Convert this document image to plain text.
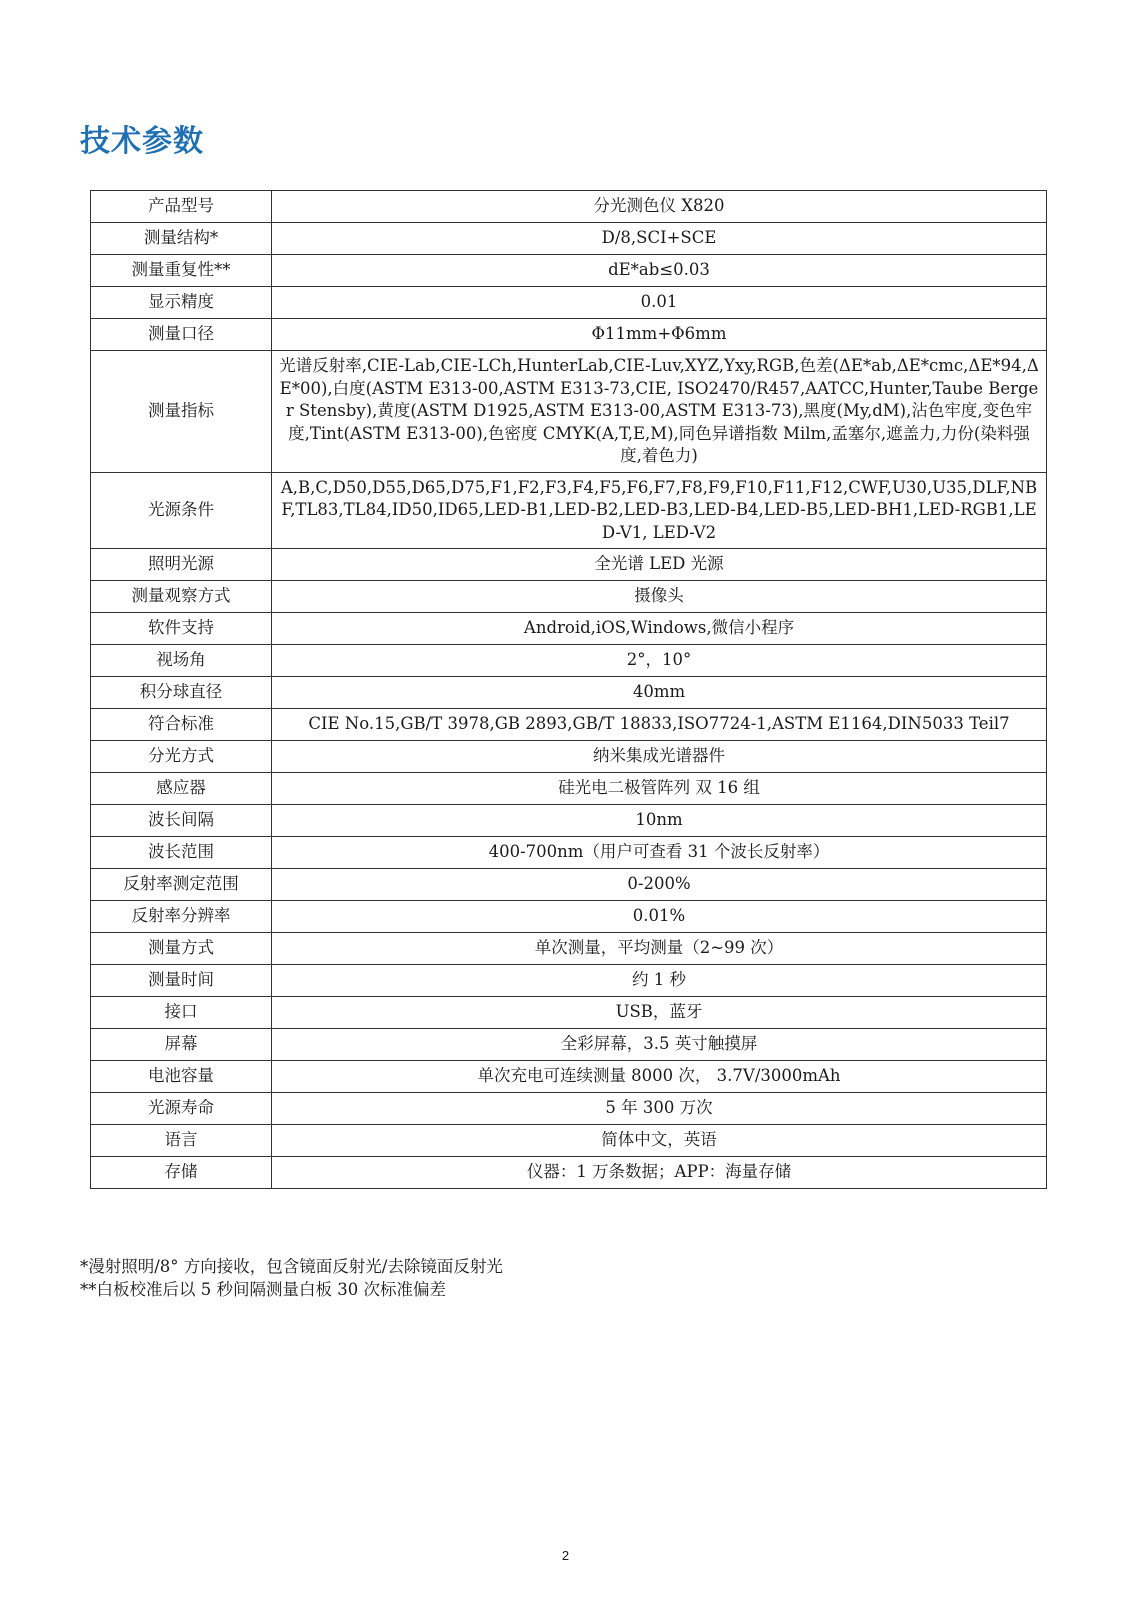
技术参数
产品型号	分光测色仪 X820
测量结构*	D/8,SCI+SCE
测量重复性**	dE*ab≤0.03
显示精度	0.01
测量口径	Φ11mm+Φ6mm
测量指标	光谱反射率,CIE-Lab,CIE-LCh,HunterLab,CIE-Luv,XYZ,Yxy,RGB,色差(ΔE*ab,ΔE*cmc,ΔE*94,ΔE*00),白度(ASTM E313-00,ASTM E313-73,CIE, ISO2470/R457,AATCC,Hunter,Taube Berger Stensby),黄度(ASTM D1925,ASTM E313-00,ASTM E313-73),黑度(My,dM),沾色牢度,变色牢度,Tint(ASTM E313-00),色密度 CMYK(A,T,E,M),同色异谱指数 Milm,孟塞尔,遮盖力,力份(染料强度,着色力)
光源条件	A,B,C,D50,D55,D65,D75,F1,F2,F3,F4,F5,F6,F7,F8,F9,F10,F11,F12,CWF,U30,U35,DLF,NBF,TL83,TL84,ID50,ID65,LED-B1,LED-B2,LED-B3,LED-B4,LED-B5,LED-BH1,LED-RGB1,LED-V1, LED-V2
照明光源	全光谱 LED 光源
测量观察方式	摄像头
软件支持	Android,iOS,Windows,微信小程序
视场角	2°，10°
积分球直径	40mm
符合标准	CIE No.15,GB/T 3978,GB 2893,GB/T 18833,ISO7724-1,ASTM E1164,DIN5033 Teil7
分光方式	纳米集成光谱器件
感应器	硅光电二极管阵列 双 16 组
波长间隔	10nm
波长范围	400-700nm（用户可查看 31 个波长反射率）
反射率测定范围	0-200%
反射率分辨率	0.01%
测量方式	单次测量，平均测量（2~99 次）
测量时间	约 1 秒
接口	USB，蓝牙
屏幕	全彩屏幕，3.5 英寸触摸屏
电池容量	单次充电可连续测量 8000 次， 3.7V/3000mAh
光源寿命	5 年 300 万次
语言	简体中文，英语
存储	仪器：1 万条数据；APP：海量存储
*漫射照明/8° 方向接收，包含镜面反射光/去除镜面反射光
**白板校准后以 5 秒间隔测量白板 30 次标准偏差
2
